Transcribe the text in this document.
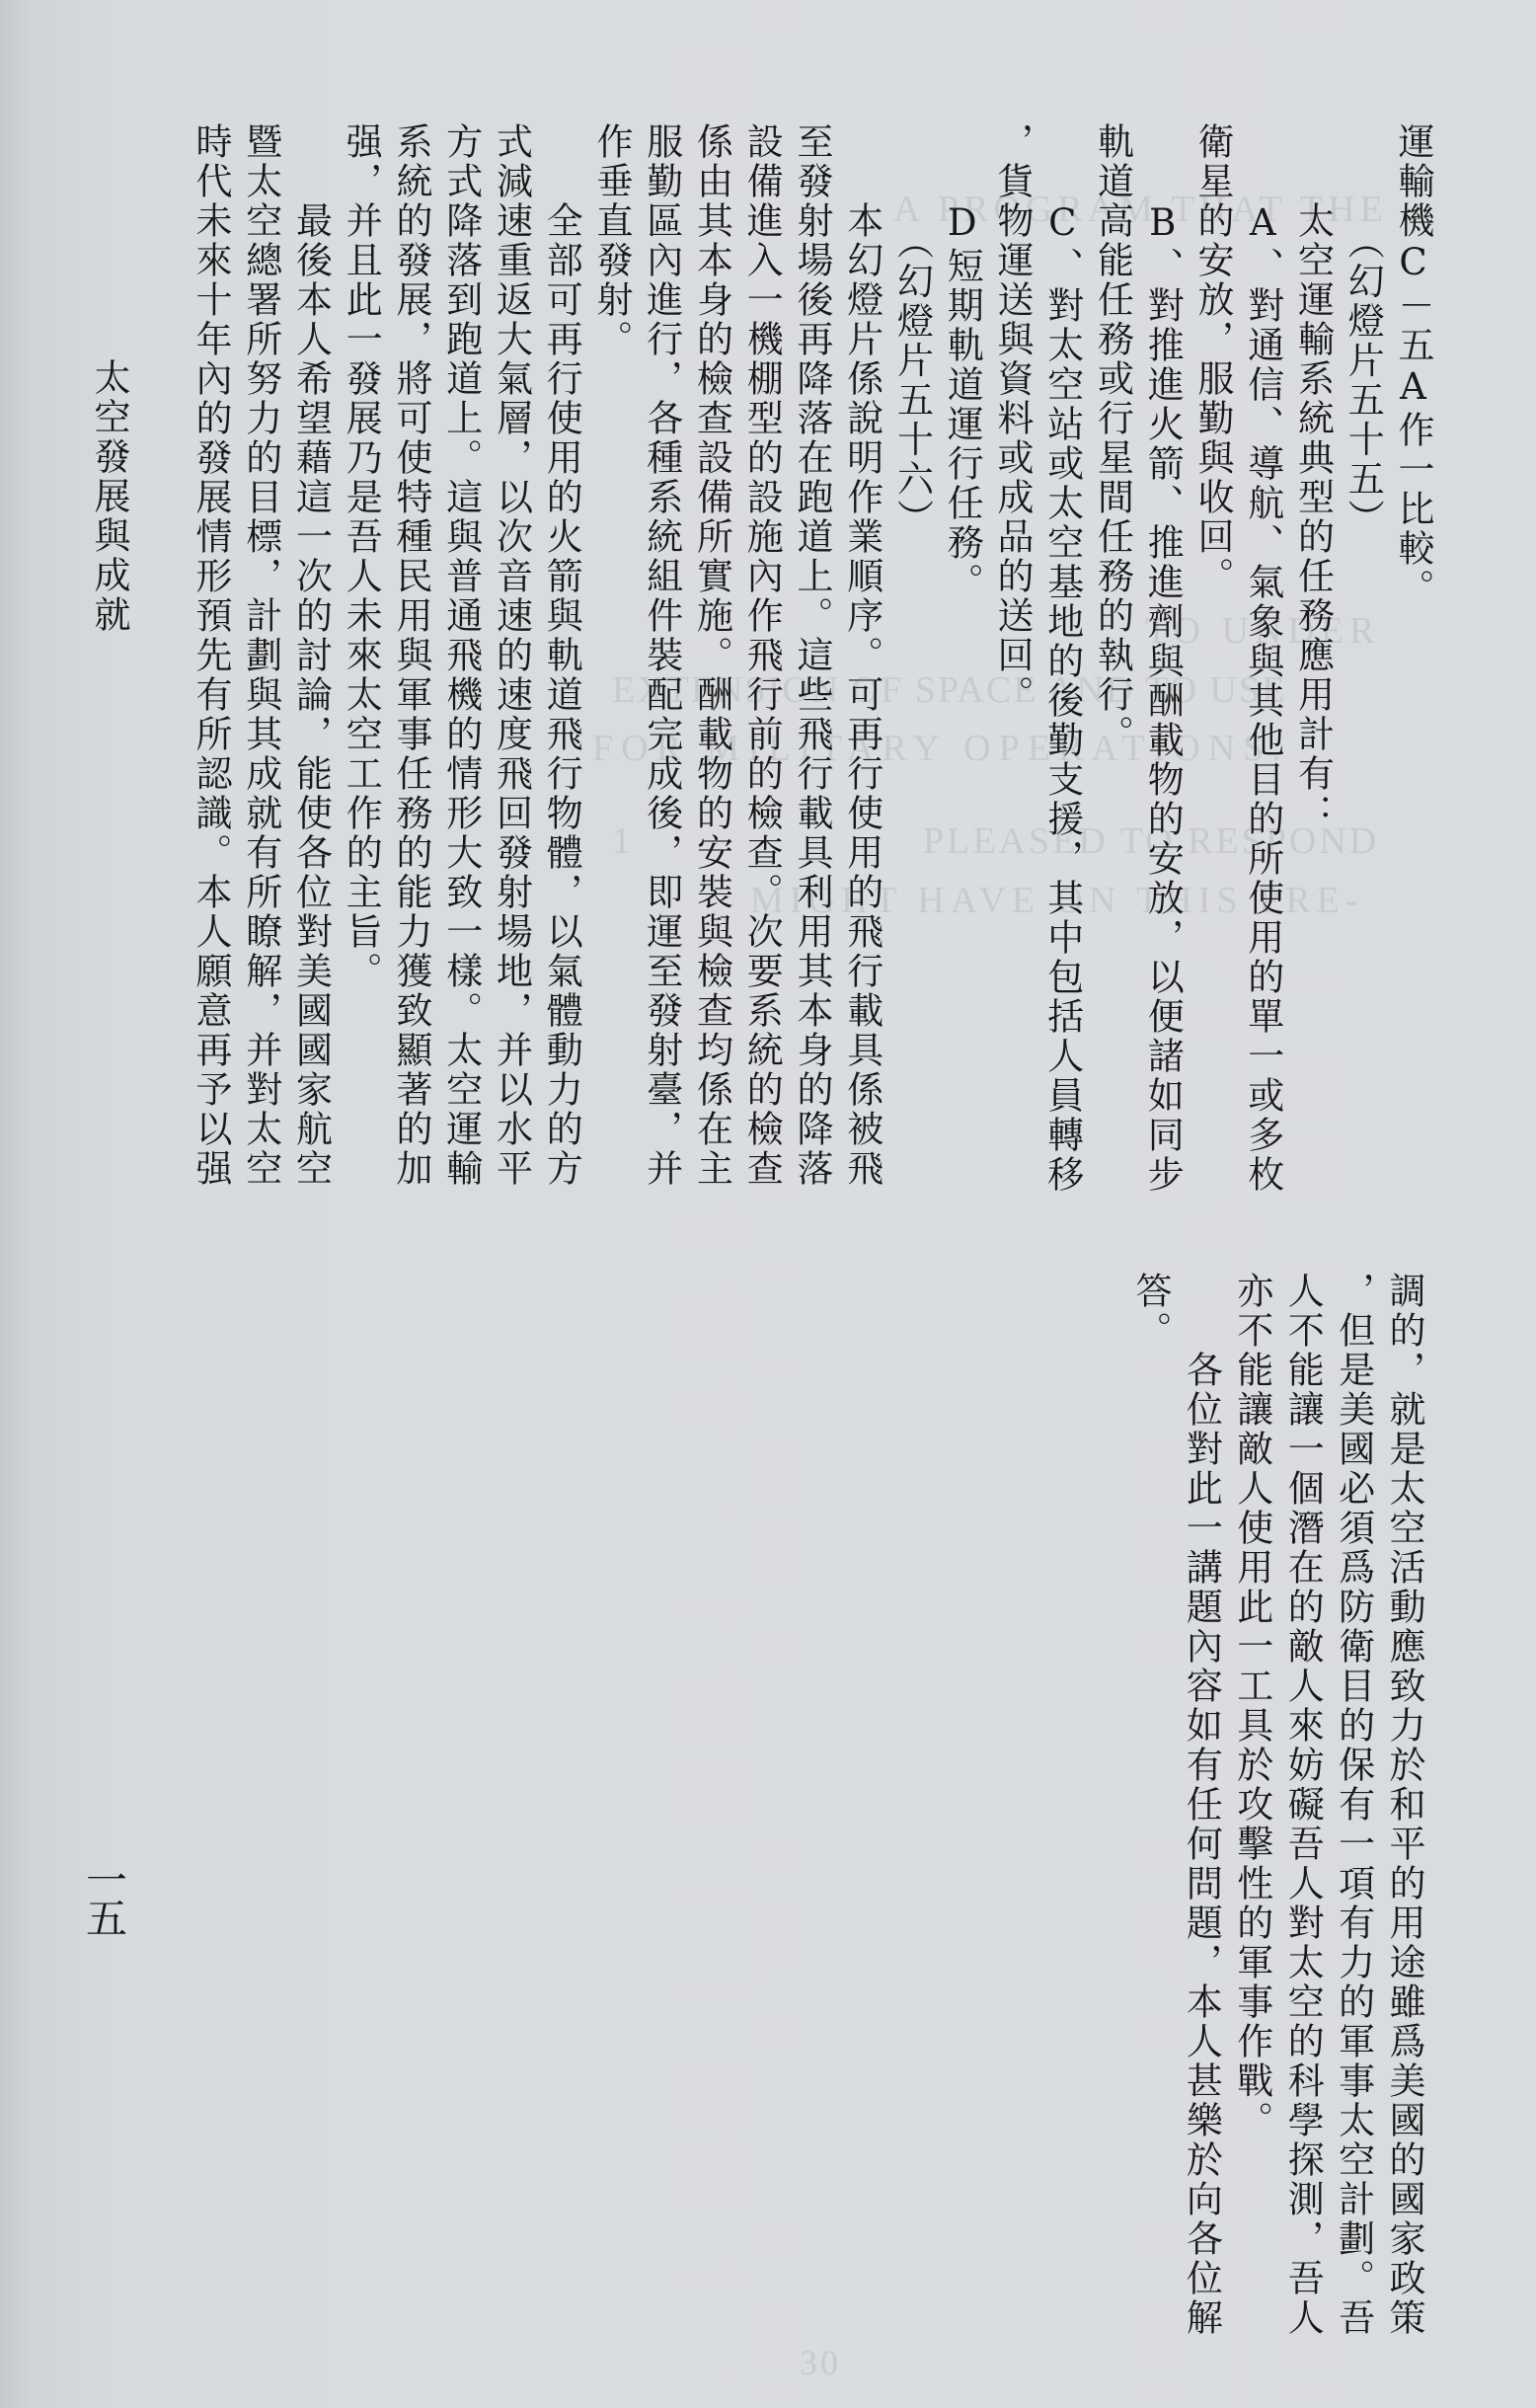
A PROGRAM THAT THE
TO UNDER
EXTENSION OF SPACE AND TO USE
FOR MILITARY OPERATIONS.
1	PLEASED TO RESPOND
MIGHT HAVE ON THIS PRE-
30
太空發展與成就
一五
運輸機C－五A作一比較。
　　　（幻燈片五十五）
　　太空運輸系統典型的任務應用計有：
　　A、對通信、導航、氣象與其他目的所使用的單一或多枚
衛星的安放，服勤與收回。
　　B、對推進火箭、推進劑與酬載物的安放，以便諸如同步
軌道高能任務或行星間任務的執行。
　　C、對太空站或太空基地的後勤支援，其中包括人員轉移
，貨物運送與資料或成品的送回。
　　D短期軌道運行任務。
　　　（幻燈片五十六）
　　本幻燈片係說明作業順序。可再行使用的飛行載具係被飛
至發射場後再降落在跑道上。這些飛行載具利用其本身的降落
設備進入一機棚型的設施內作飛行前的檢查。次要系統的檢查
係由其本身的檢查設備所實施。酬載物的安裝與檢查均係在主
服勤區內進行，各種系統組件裝配完成後，即運至發射臺，并
作垂直發射。
　　全部可再行使用的火箭與軌道飛行物體，以氣體動力的方
式減速重返大氣層，以次音速的速度飛回發射場地，并以水平
方式降落到跑道上。這與普通飛機的情形大致一樣。太空運輸
系統的發展，將可使特種民用與軍事任務的能力獲致顯著的加
强，并且此一發展乃是吾人未來太空工作的主旨。
　　最後本人希望藉這一次的討論，能使各位對美國國家航空
暨太空總署所努力的目標，計劃與其成就有所瞭解，并對太空
時代未來十年內的發展情形預先有所認識。本人願意再予以强
調的，就是太空活動應致力於和平的用途雖爲美國的國家政策
，但是美國必須爲防衛目的保有一項有力的軍事太空計劃。吾
人不能讓一個潛在的敵人來妨礙吾人對太空的科學探測，吾人
亦不能讓敵人使用此一工具於攻擊性的軍事作戰。
　　各位對此一講題內容如有任何問題，本人甚樂於向各位解
答。
